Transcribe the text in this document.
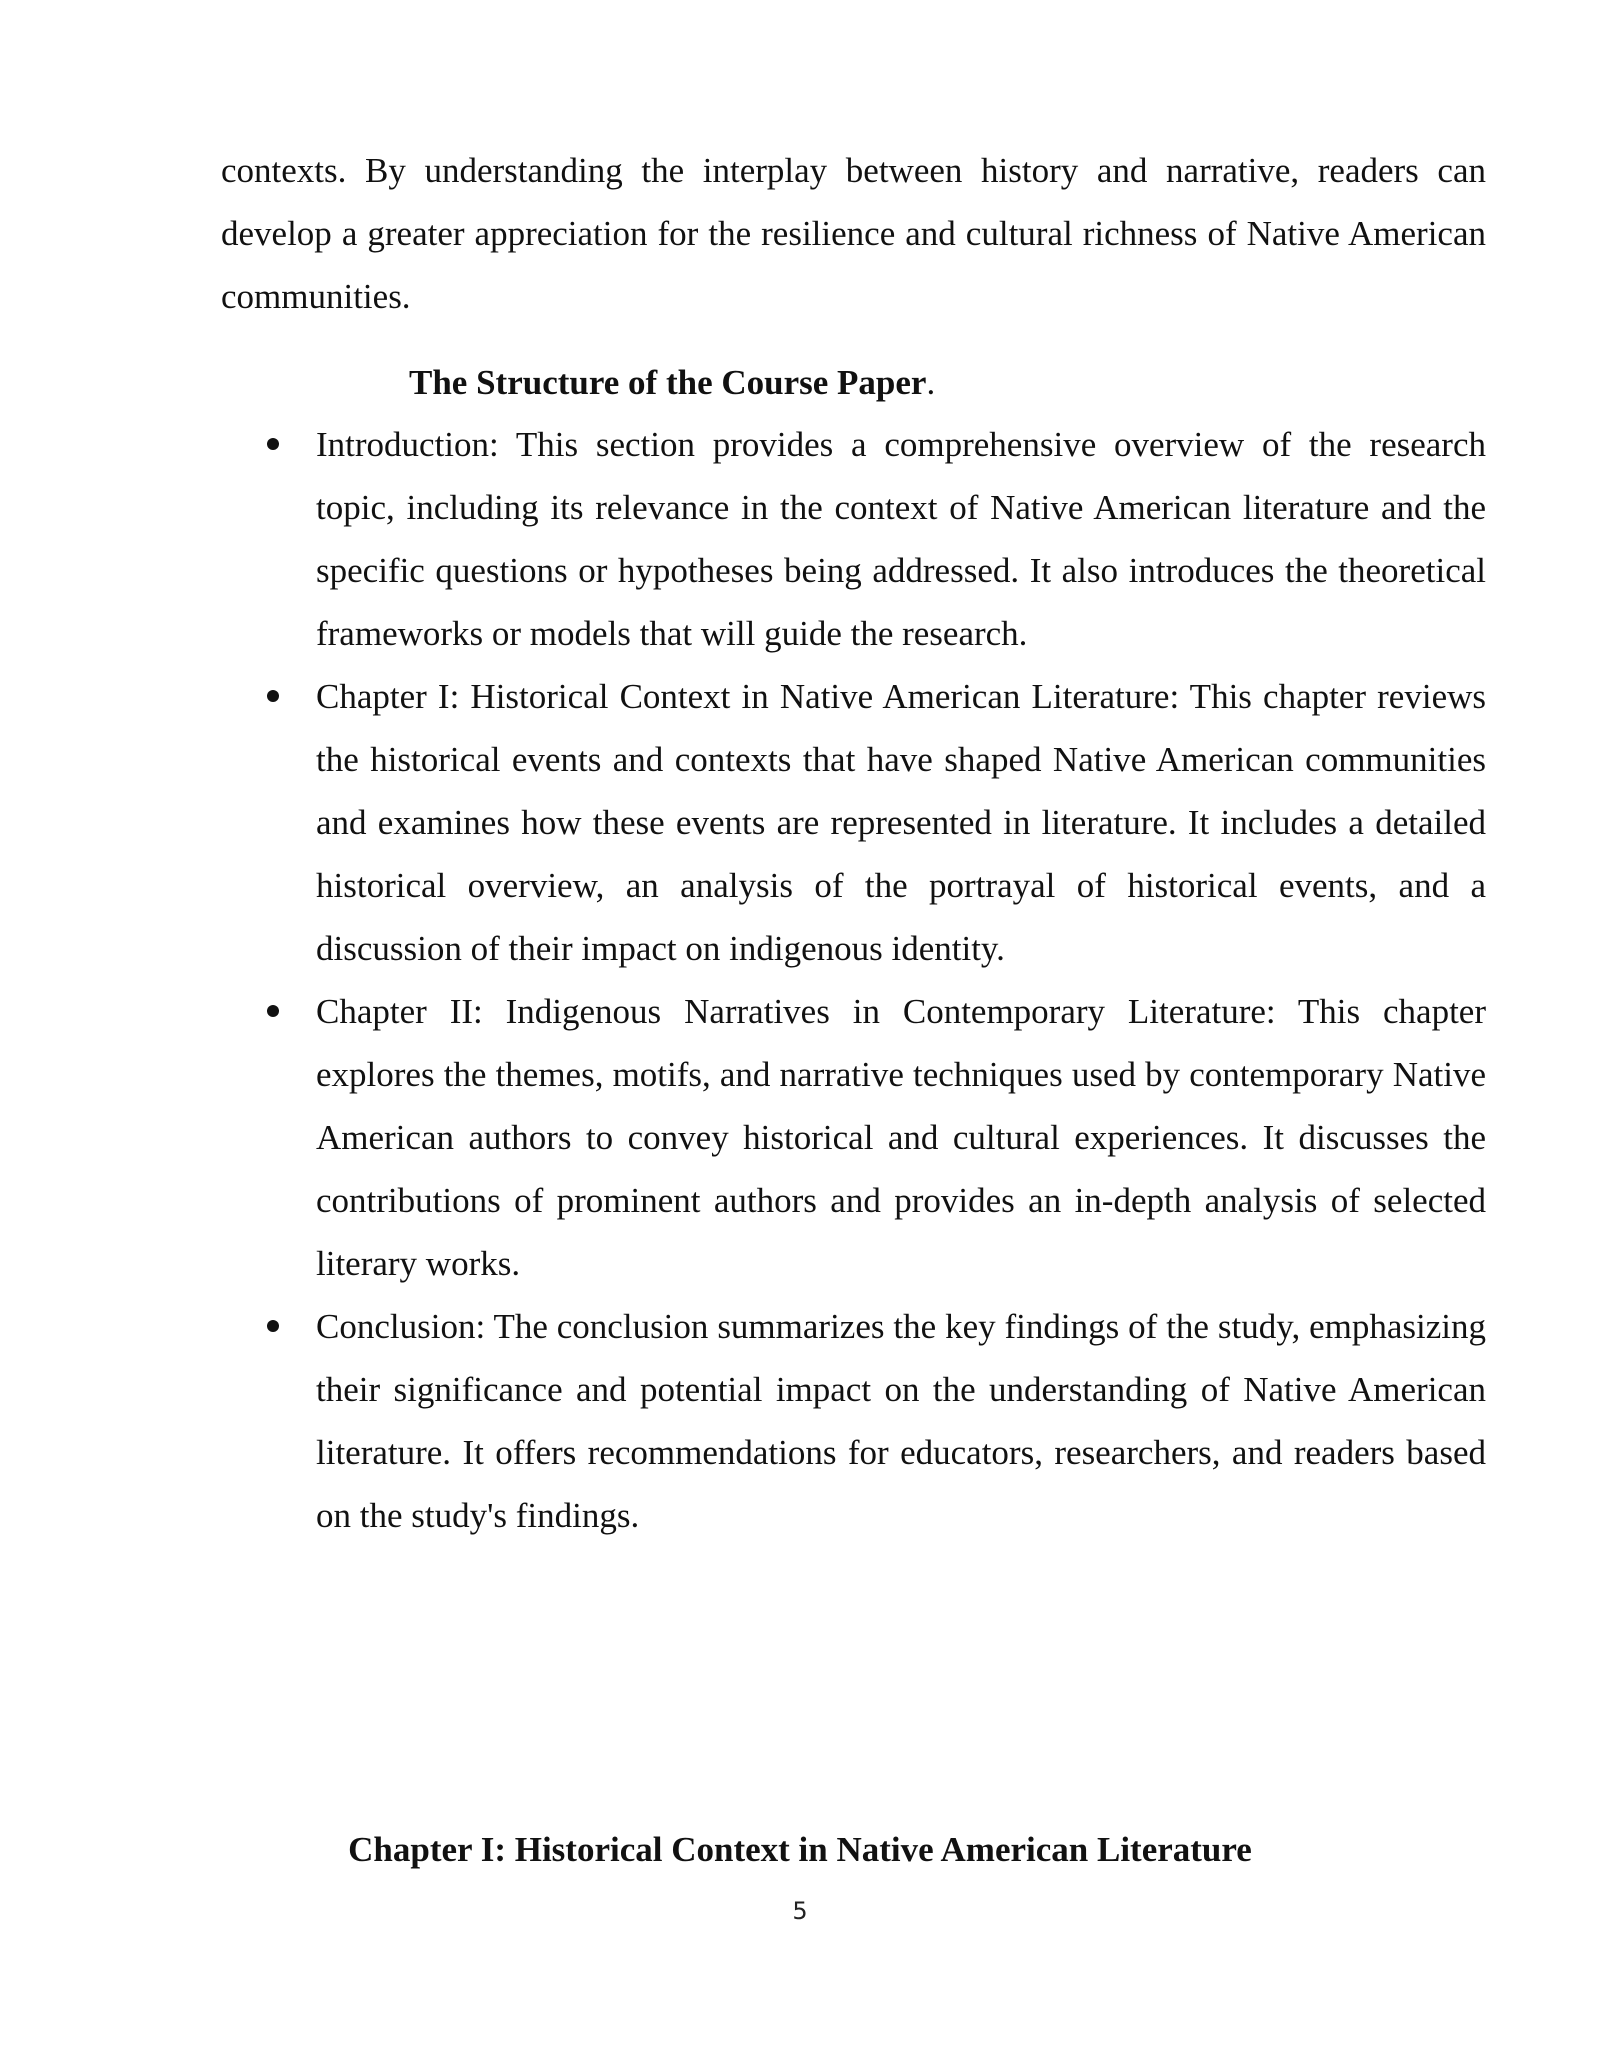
contexts. By understanding the interplay between history and narrative, readers can develop a greater appreciation for the resilience and cultural richness of Native American communities.

The Structure of the Course Paper.
Introduction: This section provides a comprehensive overview of the research topic, including its relevance in the context of Native American literature and the specific questions or hypotheses being addressed. It also introduces the theoretical frameworks or models that will guide the research.
Chapter I: Historical Context in Native American Literature: This chapter reviews the historical events and contexts that have shaped Native American communities and examines how these events are represented in literature. It includes a detailed historical overview, an analysis of the portrayal of historical events, and a discussion of their impact on indigenous identity.
Chapter II: Indigenous Narratives in Contemporary Literature: This chapter explores the themes, motifs, and narrative techniques used by contemporary Native American authors to convey historical and cultural experiences. It discusses the contributions of prominent authors and provides an in-depth analysis of selected literary works.
Conclusion: The conclusion summarizes the key findings of the study, emphasizing their significance and potential impact on the understanding of Native American literature. It offers recommendations for educators, researchers, and readers based on the study's findings.
Chapter I: Historical Context in Native American Literature
5
